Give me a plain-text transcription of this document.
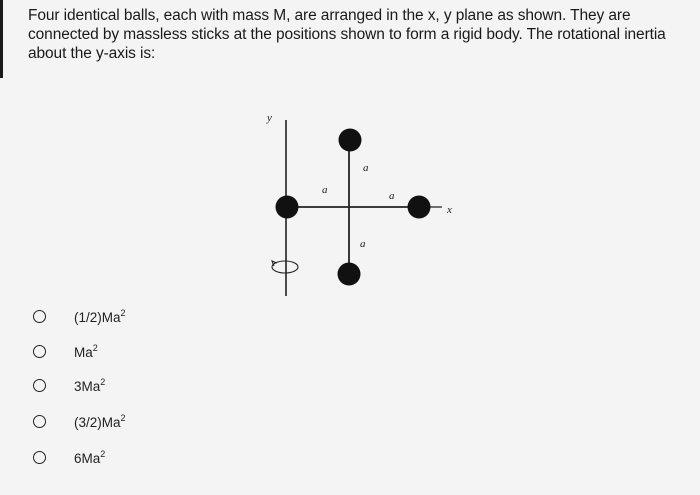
Four identical balls, each with mass M, are arranged in the x, y plane as shown. They are
connected by massless sticks at the positions shown to form a rigid body. The rotational inertia
about the y-axis is:
y
x
a
a	a
a
(1/2)Ma$^2$
Ma$^2$
3Ma$^2$
(3/2)Ma$^2$
6Ma$^2$
